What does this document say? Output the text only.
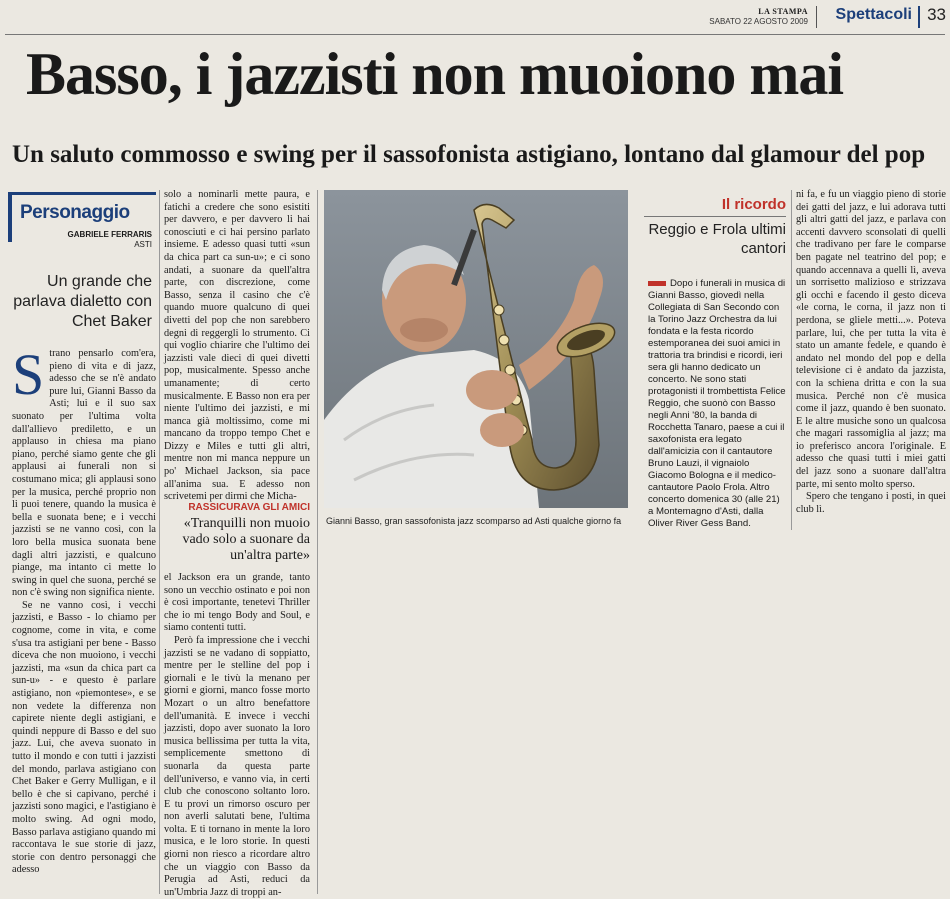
LA STAMPA
SABATO 22 AGOSTO 2009 Spettacoli 33
Basso, i jazzisti non muoiono mai
Un saluto commosso e swing per il sassofonista astigiano, lontano dal glamour del pop
Personaggio
GABRIELE FERRARIS
ASTI
Un grande che parlava dialetto con Chet Baker
S trano pensarlo com'era, pieno di vita e di jazz, adesso che se n'è andato pure lui, Gianni Basso da Asti; lui e il suo sax suonato per l'ultima volta dall'allievo prediletto, e un applauso in chiesa ma piano piano, perché siamo gente che gli applausi ai funerali non si costumano mica; gli applausi sono per la musica, perché proprio non li puoi tenere, quando la musica è bella e suonata bene; e i vecchi jazzisti se ne vanno così, con la loro bella musica suonata bene dagli altri jazzisti, e qualcuno piange, ma intanto ci mette lo swing in quel che suona, perché se non c'è swing non significa niente.

Se ne vanno così, i vecchi jazzisti, e Basso - lo chiamo per cognome, come in vita, e come s'usa tra astigiani per bene - Basso diceva che non muoiono, i vecchi jazzisti, ma «sun da chica part ca sun-u» - e questo è parlare astigiano, non «piemontese», e se non vedete la differenza non capirete niente degli astigiani, e quindi neppure di Basso e del suo jazz. Lui, che aveva suonato in tutto il mondo e con tutti i jazzisti del mondo, parlava astigiano con Chet Baker e Gerry Mulligan, e il bello è che si capivano, perché i jazzisti sono magici, e l'astigiano è molto swing. Ad ogni modo, Basso parlava astigiano quando mi raccontava le sue storie di jazz, storie con dentro personaggi che adesso

solo a nominarli mette paura, e fatichi a credere che sono esistiti per davvero, e per davvero li hai conosciuti e ci hai persino parlato insieme. E adesso quasi tutti «sun da chica part ca sun-u»; e ci sono andati, a suonare da quell'altra parte, con discrezione, come Basso, senza il casino che c'è quando muore qualcuno di quei divetti del pop che non sarebbero degni di reggergli lo strumento. Ci qui voglio chiarire che l'ultimo dei jazzisti vale dieci di quei divetti pop, musicalmente. Spesso anche umanamente; di certo musicalmente. E Basso non era per niente l'ultimo dei jazzisti, e mi manca già moltissimo, come mi mancano da troppo tempo Chet e Dizzy e Miles e tutti gli altri, mentre non mi manca neppure un po' Michael Jackson, sia pace all'anima sua. E adesso non scrivetemi per dirmi che Micha-

RASSICURAVA GLI AMICI
«Tranquilli non muoio vado solo a suonare da un'altra parte»

el Jackson era un grande, tanto sono un vecchio ostinato e poi non è così importante, tenetevi Thriller che io mi tengo Body and Soul, e siamo contenti tutti.

Però fa impressione che i vecchi jazzisti se ne vadano di soppiatto, mentre per le stelline del pop i giornali e le tivù la menano per giorni e giorni, manco fosse morto Mozart o un altro benefattore dell'umanità. E invece i vecchi jazzisti, dopo aver suonato la loro musica bellissima per tutta la vita, semplicemente smettono di suonarla da questa parte dell'universo, e vanno via, in certi club che conoscono soltanto loro. E tu provi un rimorso oscuro per non averli salutati bene, l'ultima volta. E ti tornano in mente la loro musica, e le loro storie. In questi giorni non riesco a ricordare altro che un viaggio con Basso da Perugia ad Asti, reduci da un'Umbria Jazz di troppi an-

Gianni Basso, gran sassofonista jazz scomparso ad Asti qualche giorno fa
Il ricordo
Reggio e Frola ultimi cantori
Dopo i funerali in musica di Gianni Basso, giovedì nella Collegiata di San Secondo con la Torino Jazz Orchestra da lui fondata e la festa ricordo estemporanea dei suoi amici in trattoria tra brindisi e ricordi, ieri sera gli hanno dedicato un concerto. Ne sono stati protagonisti il trombettista Felice Reggio, che suonò con Basso negli Anni '80, la banda di Rocchetta Tanaro, paese a cui il saxofonista era legato dall'amicizia con il cantautore Bruno Lauzi, il vignaiolo Giacomo Bologna e il medico-cantautore Paolo Frola. Altro concerto domenica 30 (alle 21) a Montemagno d'Asti, dalla Oliver River Gess Band.

ni fa, e fu un viaggio pieno di storie dei gatti del jazz, e lui adorava tutti gli altri gatti del jazz, e parlava con accenti davvero sconsolati di quelli che tradivano per fare le comparse ben pagate nel teatrino del pop; e quando accennava a quelli lì, aveva un sorrisetto malizioso e strizzava gli occhi e facendo il gesto diceva «le corna, le corna, il jazz non ti perdona, se gliele metti...». Poteva parlare, lui, che per tutta la vita è stato un amante fedele, e quando è andato nel mondo del pop e della televisione ci è andato da jazzista, con la schiena dritta e con la sua musica. Perché non c'è musica come il jazz, quando è ben suonato. E le altre musiche sono un qualcosa che magari rassomiglia al jazz; ma io preferisco ancora l'originale. E adesso che quasi tutti i miei gatti del jazz sono a suonare dall'altra parte, mi sento molto sperso.

Spero che tengano i posti, in quei club lì.
